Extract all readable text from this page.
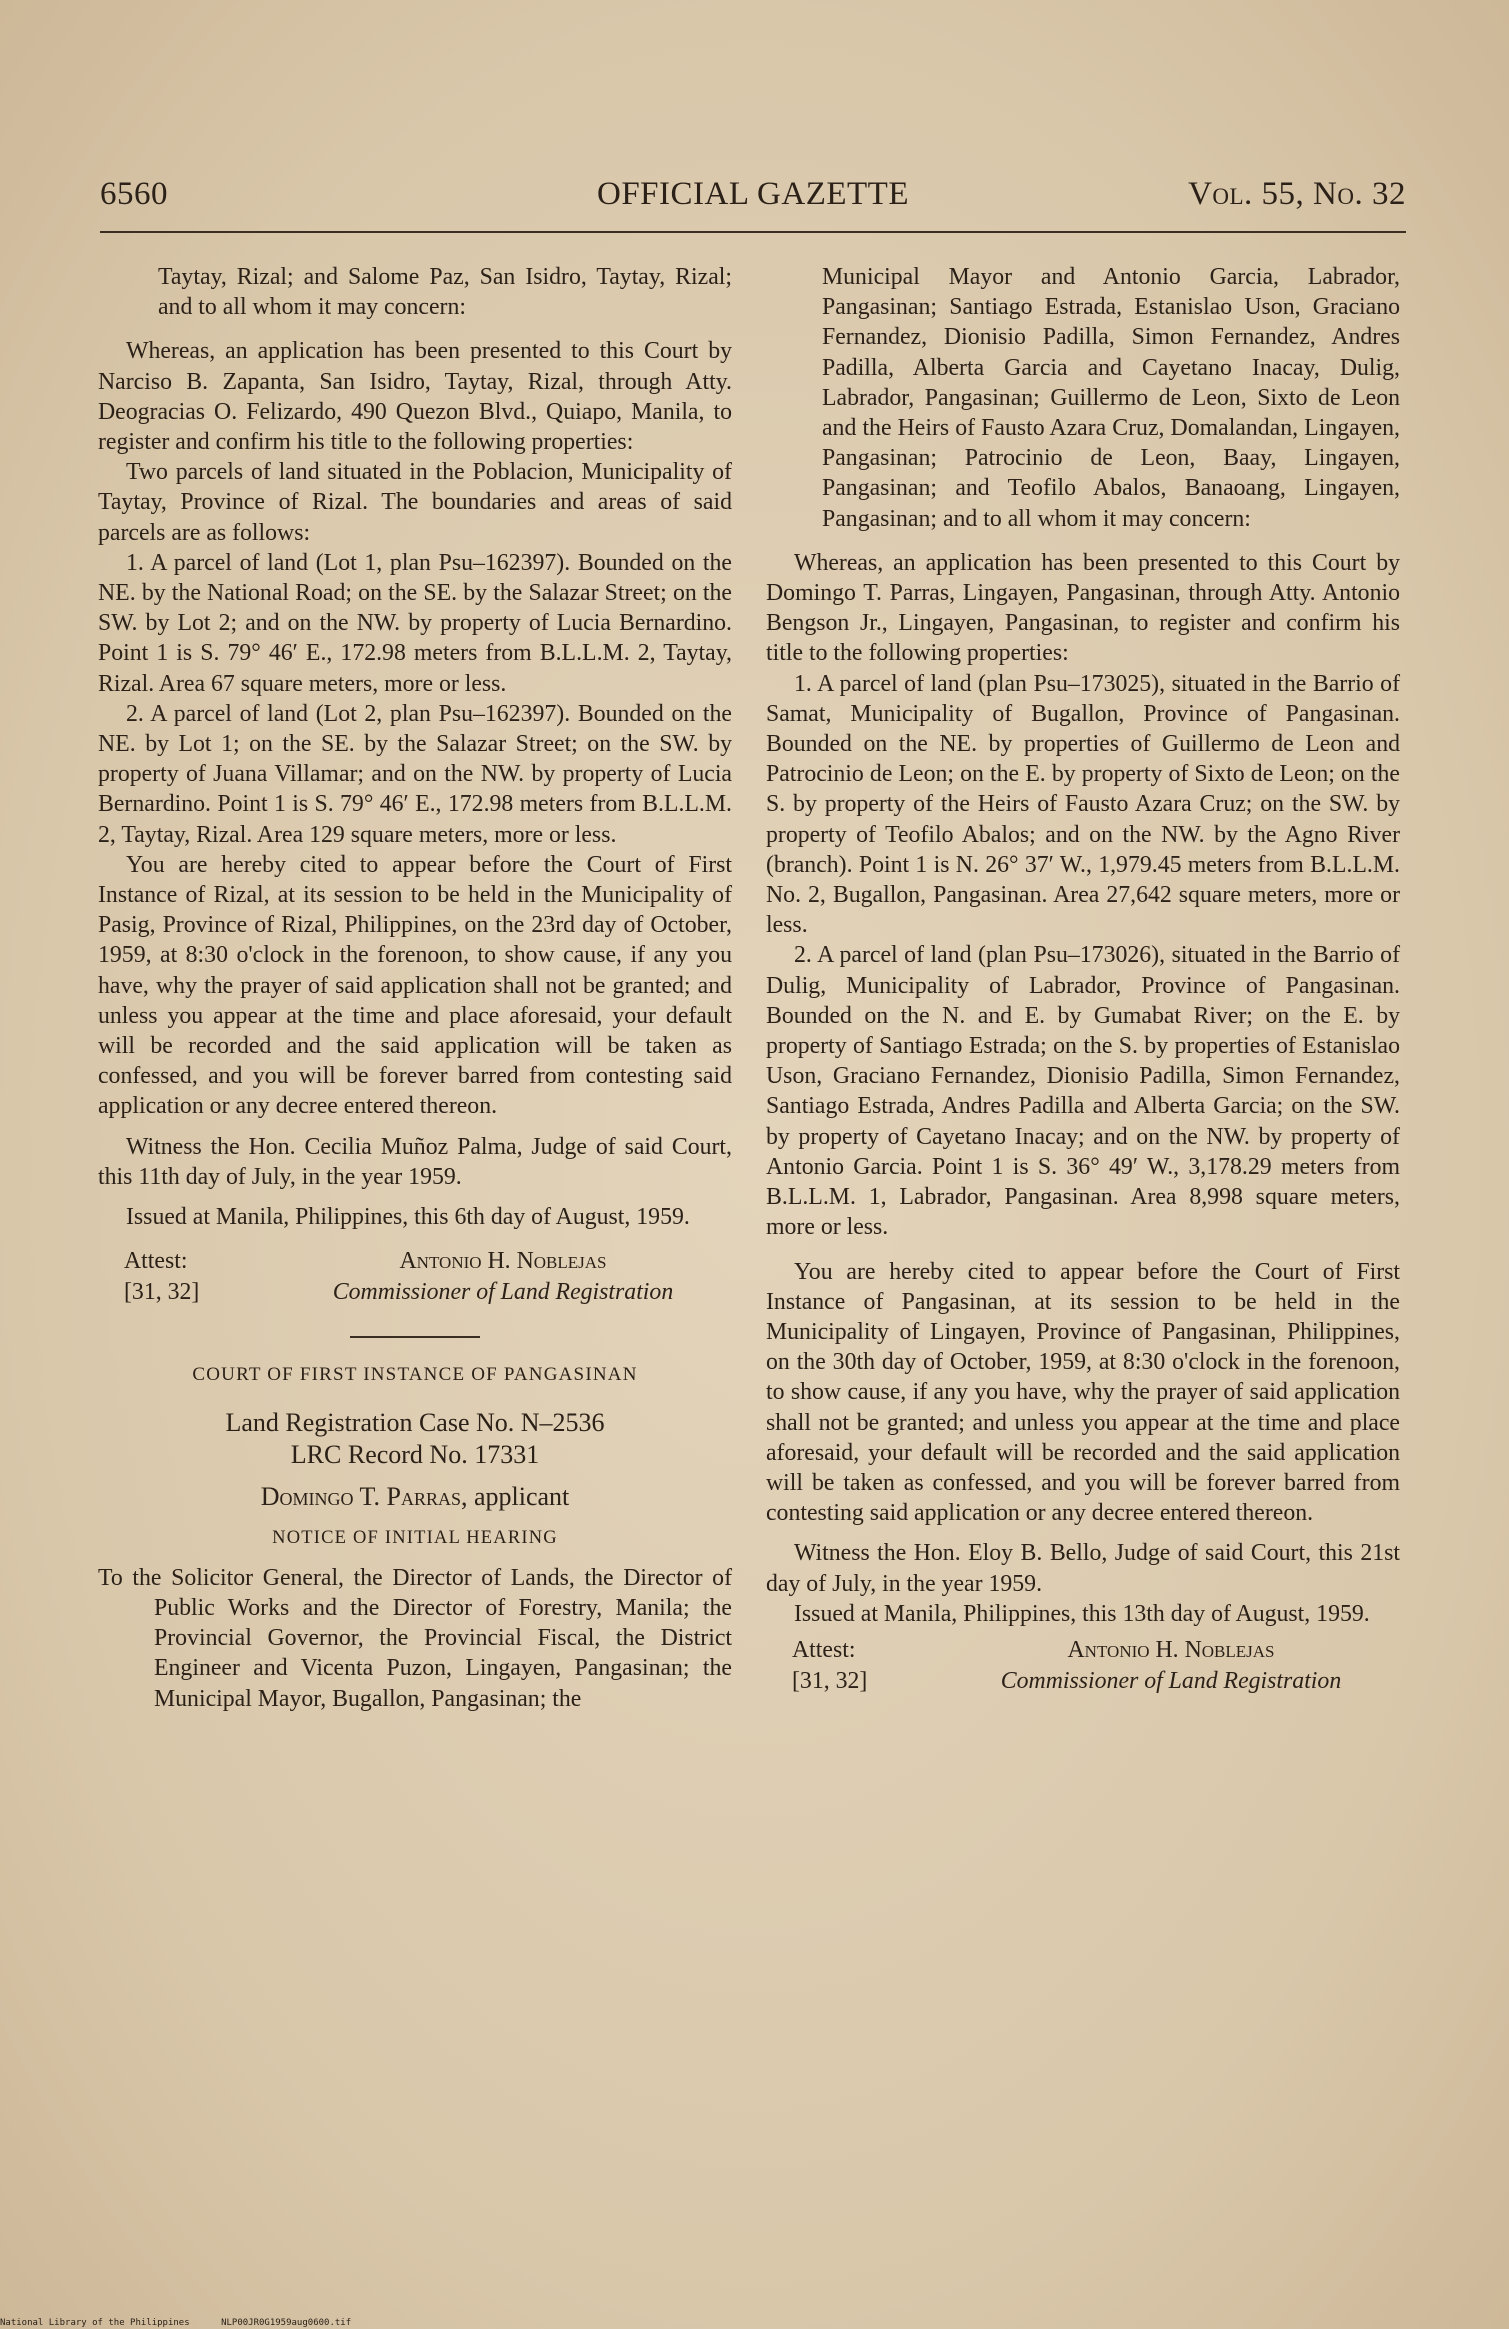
6560	OFFICIAL GAZETTE	Vol. 55, No. 32

Taytay, Rizal; and Salome Paz, San Isidro, Taytay, Rizal; and to all whom it may concern:

Whereas, an application has been presented to this Court by Narciso B. Zapanta, San Isidro, Taytay, Rizal, through Atty. Deogracias O. Felizardo, 490 Quezon Blvd., Quiapo, Manila, to register and confirm his title to the following properties:

Two parcels of land situated in the Poblacion, Municipality of Taytay, Province of Rizal. The boundaries and areas of said parcels are as follows:

1. A parcel of land (Lot 1, plan Psu–162397). Bounded on the NE. by the National Road; on the SE. by the Salazar Street; on the SW. by Lot 2; and on the NW. by property of Lucia Bernardino. Point 1 is S. 79° 46′ E., 172.98 meters from B.L.L.M. 2, Taytay, Rizal. Area 67 square meters, more or less.

2. A parcel of land (Lot 2, plan Psu–162397). Bounded on the NE. by Lot 1; on the SE. by the Salazar Street; on the SW. by property of Juana Villamar; and on the NW. by property of Lucia Bernardino. Point 1 is S. 79° 46′ E., 172.98 meters from B.L.L.M. 2, Taytay, Rizal. Area 129 square meters, more or less.

You are hereby cited to appear before the Court of First Instance of Rizal, at its session to be held in the Municipality of Pasig, Province of Rizal, Philippines, on the 23rd day of October, 1959, at 8:30 o'clock in the forenoon, to show cause, if any you have, why the prayer of said application shall not be granted; and unless you appear at the time and place aforesaid, your default will be recorded and the said application will be taken as confessed, and you will be forever barred from contesting said application or any decree entered thereon.

Witness the Hon. Cecilia Muñoz Palma, Judge of said Court, this 11th day of July, in the year 1959.

Issued at Manila, Philippines, this 6th day of August, 1959.

Attest:
[31, 32]
Antonio H. Noblejas
Commissioner of Land Registration
COURT OF FIRST INSTANCE OF PANGASINAN
Land Registration Case No. N–2536
LRC Record No. 17331
Domingo T. Parras, applicant
NOTICE OF INITIAL HEARING

To the Solicitor General, the Director of Lands, the Director of Public Works and the Director of Forestry, Manila; the Provincial Governor, the Provincial Fiscal, the District Engineer and Vicenta Puzon, Lingayen, Pangasinan; the Municipal Mayor, Bugallon, Pangasinan; the

Municipal Mayor and Antonio Garcia, Labrador, Pangasinan; Santiago Estrada, Estanislao Uson, Graciano Fernandez, Dionisio Padilla, Simon Fernandez, Andres Padilla, Alberta Garcia and Cayetano Inacay, Dulig, Labrador, Pangasinan; Guillermo de Leon, Sixto de Leon and the Heirs of Fausto Azara Cruz, Domalandan, Lingayen, Pangasinan; Patrocinio de Leon, Baay, Lingayen, Pangasinan; and Teofilo Abalos, Banaoang, Lingayen, Pangasinan; and to all whom it may concern:

Whereas, an application has been presented to this Court by Domingo T. Parras, Lingayen, Pangasinan, through Atty. Antonio Bengson Jr., Lingayen, Pangasinan, to register and confirm his title to the following properties:

1. A parcel of land (plan Psu–173025), situated in the Barrio of Samat, Municipality of Bugallon, Province of Pangasinan. Bounded on the NE. by properties of Guillermo de Leon and Patrocinio de Leon; on the E. by property of Sixto de Leon; on the S. by property of the Heirs of Fausto Azara Cruz; on the SW. by property of Teofilo Abalos; and on the NW. by the Agno River (branch). Point 1 is N. 26° 37′ W., 1,979.45 meters from B.L.L.M. No. 2, Bugallon, Pangasinan. Area 27,642 square meters, more or less.

2. A parcel of land (plan Psu–173026), situated in the Barrio of Dulig, Municipality of Labrador, Province of Pangasinan. Bounded on the N. and E. by Gumabat River; on the E. by property of Santiago Estrada; on the S. by properties of Estanislao Uson, Graciano Fernandez, Dionisio Padilla, Simon Fernandez, Santiago Estrada, Andres Padilla and Alberta Garcia; on the SW. by property of Cayetano Inacay; and on the NW. by property of Antonio Garcia. Point 1 is S. 36° 49′ W., 3,178.29 meters from B.L.L.M. 1, Labrador, Pangasinan. Area 8,998 square meters, more or less.

You are hereby cited to appear before the Court of First Instance of Pangasinan, at its session to be held in the Municipality of Lingayen, Province of Pangasinan, Philippines, on the 30th day of October, 1959, at 8:30 o'clock in the forenoon, to show cause, if any you have, why the prayer of said application shall not be granted; and unless you appear at the time and place aforesaid, your default will be recorded and the said application will be taken as confessed, and you will be forever barred from contesting said application or any decree entered thereon.

Witness the Hon. Eloy B. Bello, Judge of said Court, this 21st day of July, in the year 1959.

Issued at Manila, Philippines, this 13th day of August, 1959.

Attest:
[31, 32]
Antonio H. Noblejas
Commissioner of Land Registration
National Library of the Philippines	NLP00JR0G1959aug0600.tif
